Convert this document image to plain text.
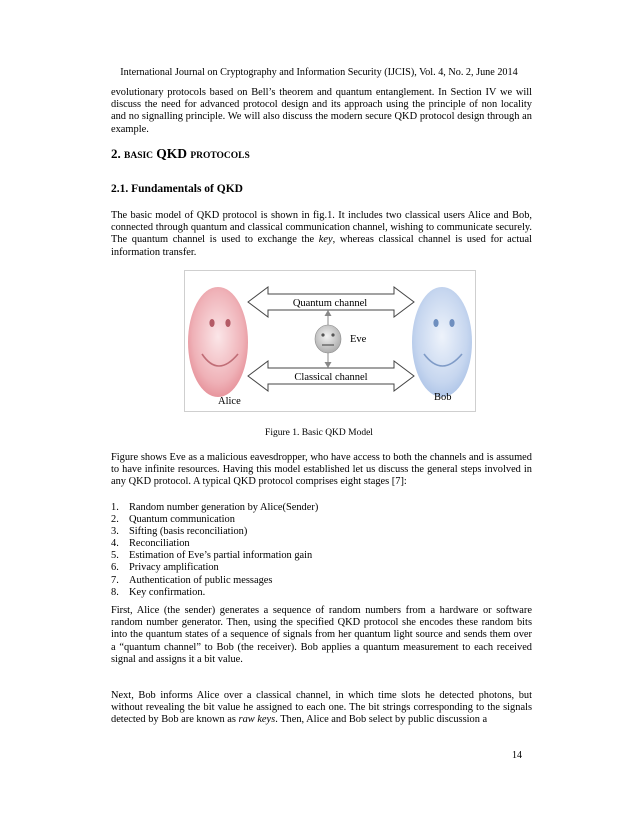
International Journal on Cryptography and Information Security (IJCIS), Vol. 4, No. 2, June 2014

evolutionary protocols based on Bell’s theorem and quantum entanglement. In Section IV we will discuss the need for advanced protocol design and its approach using the principle of non locality and no signalling principle. We will also discuss the modern secure QKD protocol design through an example.

2. BASIC QKD PROTOCOLS
2.1. Fundamentals of QKD

The basic model of QKD protocol is shown in fig.1. It includes two classical users Alice and Bob, connected through quantum and classical communication channel, wishing to communicate securely. The quantum channel is used to exchange the key, whereas classical channel is used for actual information transfer.

Quantum channel
Classical channel
Eve
Alice	Bob
Figure 1. Basic QKD Model

Figure shows Eve as a malicious eavesdropper, who have access to both the channels and is assumed to have infinite resources. Having this model established let us discuss the general steps involved in any QKD protocol. A typical QKD protocol comprises eight stages [7]:

1. Random number generation by Alice(Sender)
2. Quantum communication
3. Sifting (basis reconciliation)
4. Reconciliation
5. Estimation of Eve’s partial information gain
6. Privacy amplification
7. Authentication of public messages
8. Key confirmation.

First, Alice (the sender) generates a sequence of random numbers from a hardware or software random number generator. Then, using the specified QKD protocol she encodes these random bits into the quantum states of a sequence of signals from her quantum light source and sends them over a “quantum channel” to Bob (the receiver). Bob applies a quantum measurement to each received signal and assigns it a bit value.

Next, Bob informs Alice over a classical channel, in which time slots he detected photons, but without revealing the bit value he assigned to each one. The bit strings corresponding to the signals detected by Bob are known as raw keys. Then, Alice and Bob select by public discussion a

14
